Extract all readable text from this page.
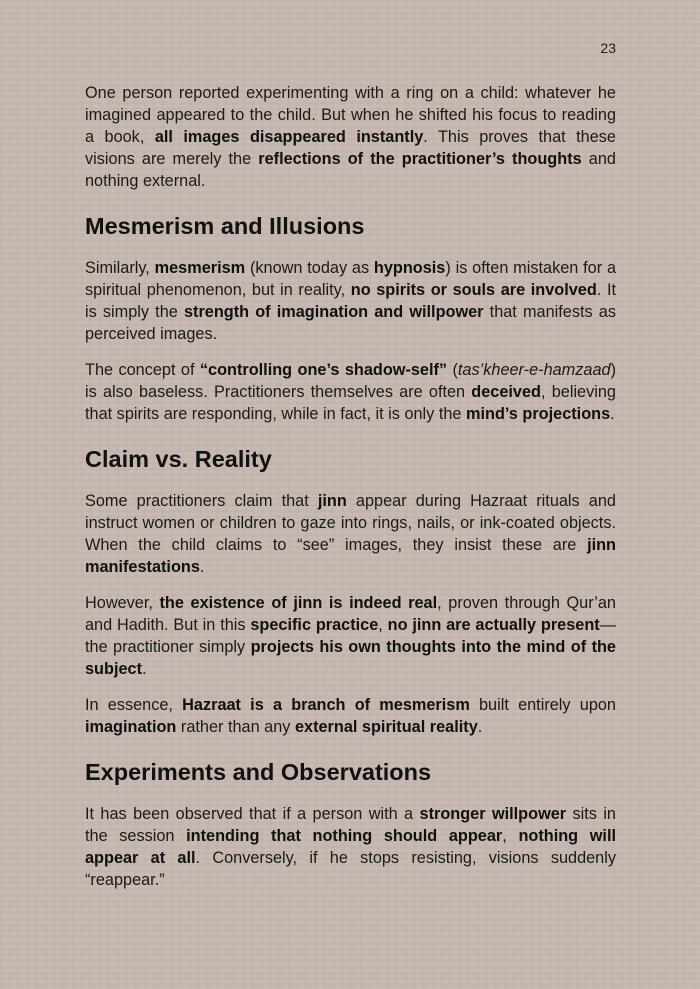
23

One person reported experimenting with a ring on a child: whatever he imagined appeared to the child. But when he shifted his focus to reading a book, all images disappeared instantly. This proves that these visions are merely the reflections of the practitioner’s thoughts and nothing external.

Mesmerism and Illusions

Similarly, mesmerism (known today as hypnosis) is often mistaken for a spiritual phenomenon, but in reality, no spirits or souls are involved. It is simply the strength of imagination and willpower that manifests as perceived images.

The concept of “controlling one’s shadow-self” (tas’kheer-e-hamzaad) is also baseless. Practitioners themselves are often deceived, believing that spirits are responding, while in fact, it is only the mind’s projections.

Claim vs. Reality

Some practitioners claim that jinn appear during Hazraat rituals and instruct women or children to gaze into rings, nails, or ink-coated objects. When the child claims to “see” images, they insist these are jinn manifestations.

However, the existence of jinn is indeed real, proven through Qur’an and Hadith. But in this specific practice, no jinn are actually present—the practitioner simply projects his own thoughts into the mind of the subject.

In essence, Hazraat is a branch of mesmerism built entirely upon imagination rather than any external spiritual reality.

Experiments and Observations

It has been observed that if a person with a stronger willpower sits in the session intending that nothing should appear, nothing will appear at all. Conversely, if he stops resisting, visions suddenly “reappear.”
